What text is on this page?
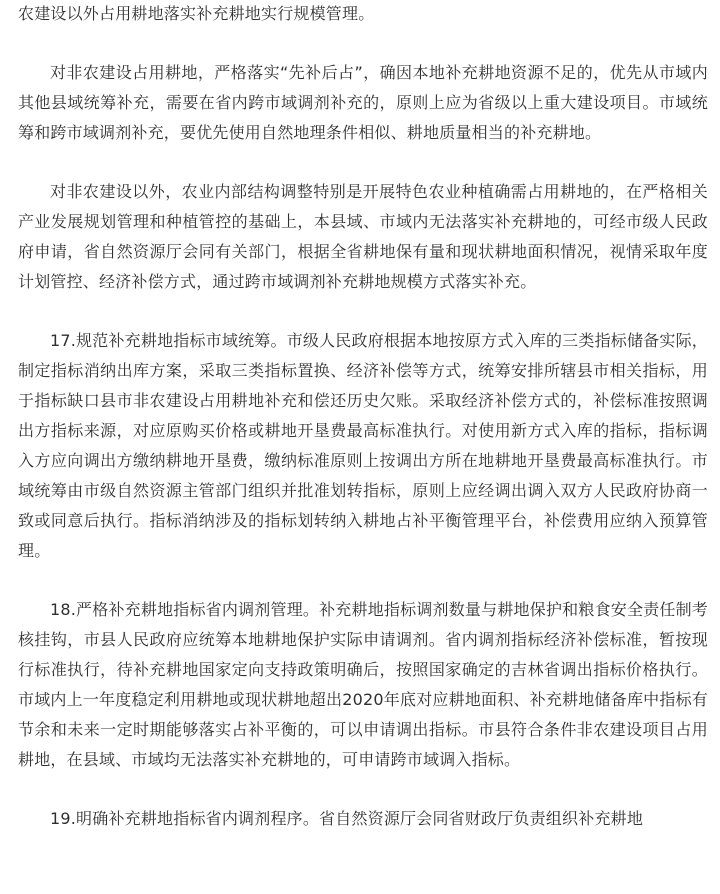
农建设以外占用耕地落实补充耕地实行规模管理。

对非农建设占用耕地，严格落实“先补后占”，确因本地补充耕地资源不足的，优先从市域内其他县域统筹补充，需要在省内跨市域调剂补充的，原则上应为省级以上重大建设项目。市域统筹和跨市域调剂补充，要优先使用自然地理条件相似、耕地质量相当的补充耕地。

对非农建设以外，农业内部结构调整特别是开展特色农业种植确需占用耕地的，在严格相关产业发展规划管理和种植管控的基础上，本县域、市域内无法落实补充耕地的，可经市级人民政府申请，省自然资源厅会同有关部门，根据全省耕地保有量和现状耕地面积情况，视情采取年度计划管控、经济补偿方式，通过跨市域调剂补充耕地规模方式落实补充。

17.规范补充耕地指标市域统筹。市级人民政府根据本地按原方式入库的三类指标储备实际，制定指标消纳出库方案，采取三类指标置换、经济补偿等方式，统筹安排所辖县市相关指标，用于指标缺口县市非农建设占用耕地补充和偿还历史欠账。采取经济补偿方式的，补偿标准按照调出方指标来源，对应原购买价格或耕地开垦费最高标准执行。对使用新方式入库的指标，指标调入方应向调出方缴纳耕地开垦费，缴纳标准原则上按调出方所在地耕地开垦费最高标准执行。市域统筹由市级自然资源主管部门组织并批准划转指标，原则上应经调出调入双方人民政府协商一致或同意后执行。指标消纳涉及的指标划转纳入耕地占补平衡管理平台，补偿费用应纳入预算管理。

18.严格补充耕地指标省内调剂管理。补充耕地指标调剂数量与耕地保护和粮食安全责任制考核挂钩，市县人民政府应统筹本地耕地保护实际申请调剂。省内调剂指标经济补偿标准，暂按现行标准执行，待补充耕地国家定向支持政策明确后，按照国家确定的吉林省调出指标价格执行。市域内上一年度稳定利用耕地或现状耕地超出2020年底对应耕地面积、补充耕地储备库中指标有节余和未来一定时期能够落实占补平衡的，可以申请调出指标。市县符合条件非农建设项目占用耕地，在县域、市域均无法落实补充耕地的，可申请跨市域调入指标。

19.明确补充耕地指标省内调剂程序。省自然资源厅会同省财政厅负责组织补充耕地
